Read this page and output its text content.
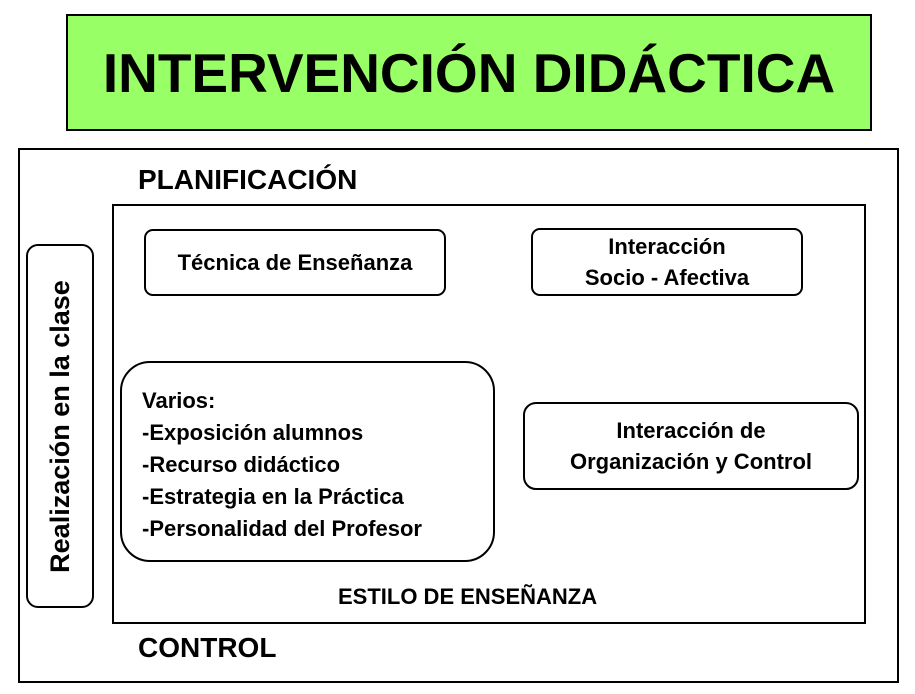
INTERVENCIÓN DIDÁCTICA
PLANIFICACIÓN
Realización en la clase
Técnica de Enseñanza
Interacción
Socio - Afectiva
Varios:
-Exposición alumnos
-Recurso didáctico
-Estrategia en la Práctica
-Personalidad del Profesor
Interacción de
Organización y Control
ESTILO DE ENSEÑANZA
CONTROL
